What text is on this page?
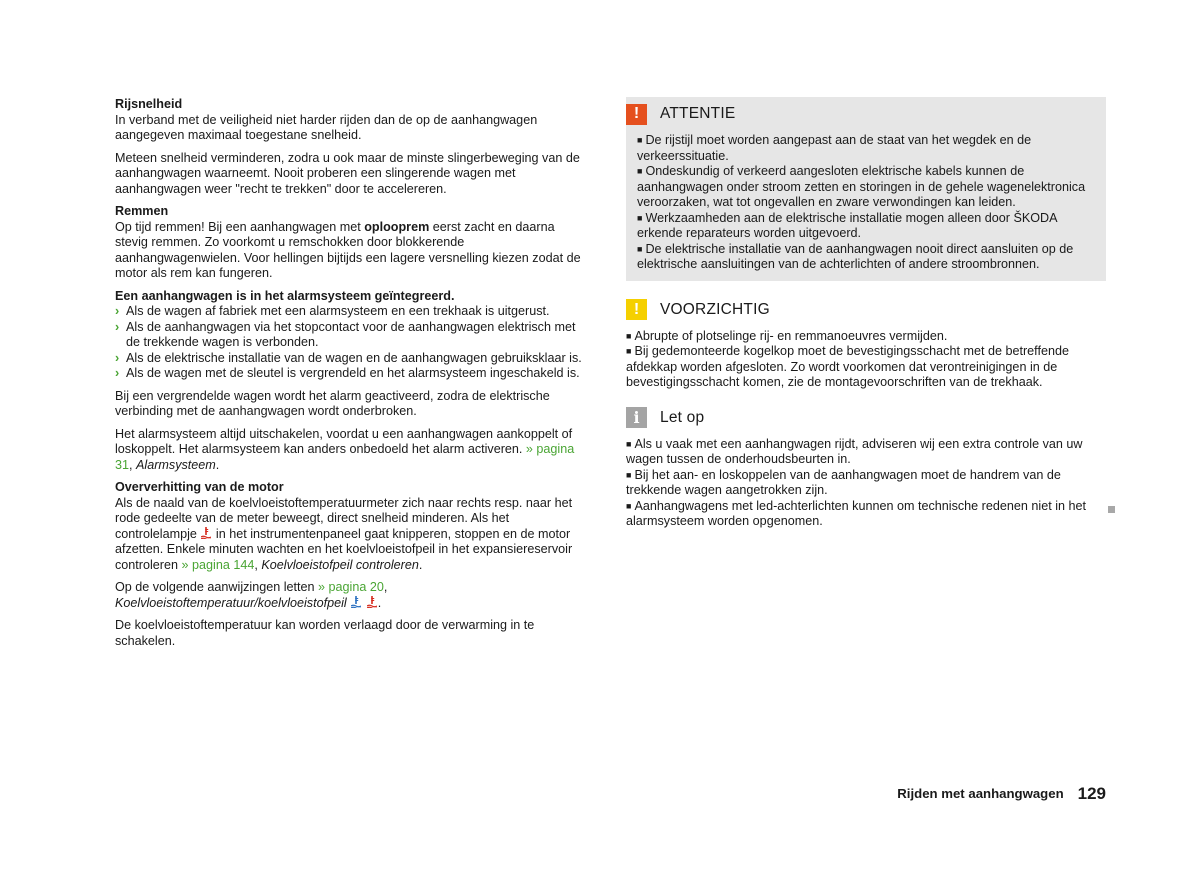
Rijsnelheid

In verband met de veiligheid niet harder rijden dan de op de aanhangwagen aangegeven maximaal toegestane snelheid.

Meteen snelheid verminderen, zodra u ook maar de minste slingerbeweging van de aanhangwagen waarneemt. Nooit proberen een slingerende wagen met aanhangwagen weer "recht te trekken" door te accelereren.

Remmen

Op tijd remmen! Bij een aanhangwagen met oplooprem eerst zacht en daarna stevig remmen. Zo voorkomt u remschokken door blokkerende aanhangwagenwielen. Voor hellingen bijtijds een lagere versnelling kiezen zodat de motor als rem kan fungeren.

Een aanhangwagen is in het alarmsysteem geïntegreerd.
› Als de wagen af fabriek met een alarmsysteem en een trekhaak is uitgerust.
› Als de aanhangwagen via het stopcontact voor de aanhangwagen elektrisch met de trekkende wagen is verbonden.
› Als de elektrische installatie van de wagen en de aanhangwagen gebruiksklaar is.
› Als de wagen met de sleutel is vergrendeld en het alarmsysteem ingeschakeld is.

Bij een vergrendelde wagen wordt het alarm geactiveerd, zodra de elektrische verbinding met de aanhangwagen wordt onderbroken.

Het alarmsysteem altijd uitschakelen, voordat u een aanhangwagen aankoppelt of loskoppelt. Het alarmsysteem kan anders onbedoeld het alarm activeren. » pagina 31, Alarmsysteem.

Oververhitting van de motor

Als de naald van de koelvloeistoftemperatuurmeter zich naar rechts resp. naar het rode gedeelte van de meter beweegt, direct snelheid minderen. Als het controlelampje
in het instrumentenpaneel gaat knipperen, stoppen en de motor afzetten. Enkele minuten wachten en het koelvloeistofpeil in het expansiereservoir controleren » pagina 144, Koelvloeistofpeil controleren.

Op de volgende aanwijzingen letten » pagina 20, Koelvloeistoftemperatuur/koelvloeistofpeil
.

De koelvloeistoftemperatuur kan worden verlaagd door de verwarming in te schakelen.

!	ATTENTIE
■ De rijstijl moet worden aangepast aan de staat van het wegdek en de verkeerssituatie.
■ Ondeskundig of verkeerd aangesloten elektrische kabels kunnen de aanhangwagen onder stroom zetten en storingen in de gehele wagenelektronica veroorzaken, wat tot ongevallen en zware verwondingen kan leiden.
■ Werkzaamheden aan de elektrische installatie mogen alleen door ŠKODA erkende reparateurs worden uitgevoerd.
■ De elektrische installatie van de aanhangwagen nooit direct aansluiten op de elektrische aansluitingen van de achterlichten of andere stroombronnen.
!	VOORZICHTIG
■ Abrupte of plotselinge rij- en remmanoeuvres vermijden.
■ Bij gedemonteerde kogelkop moet de bevestigingsschacht met de betreffende afdekkap worden afgesloten. Zo wordt voorkomen dat verontreinigingen in de bevestigingsschacht komen, zie de montagevoorschriften van de trekhaak.
i	Let op
■ Als u vaak met een aanhangwagen rijdt, adviseren wij een extra controle van uw wagen tussen de onderhoudsbeurten in.
■ Bij het aan- en loskoppelen van de aanhangwagen moet de handrem van de trekkende wagen aangetrokken zijn.
■ Aanhangwagens met led-achterlichten kunnen om technische redenen niet in het alarmsysteem worden opgenomen.
Rijden met aanhangwagen 129
